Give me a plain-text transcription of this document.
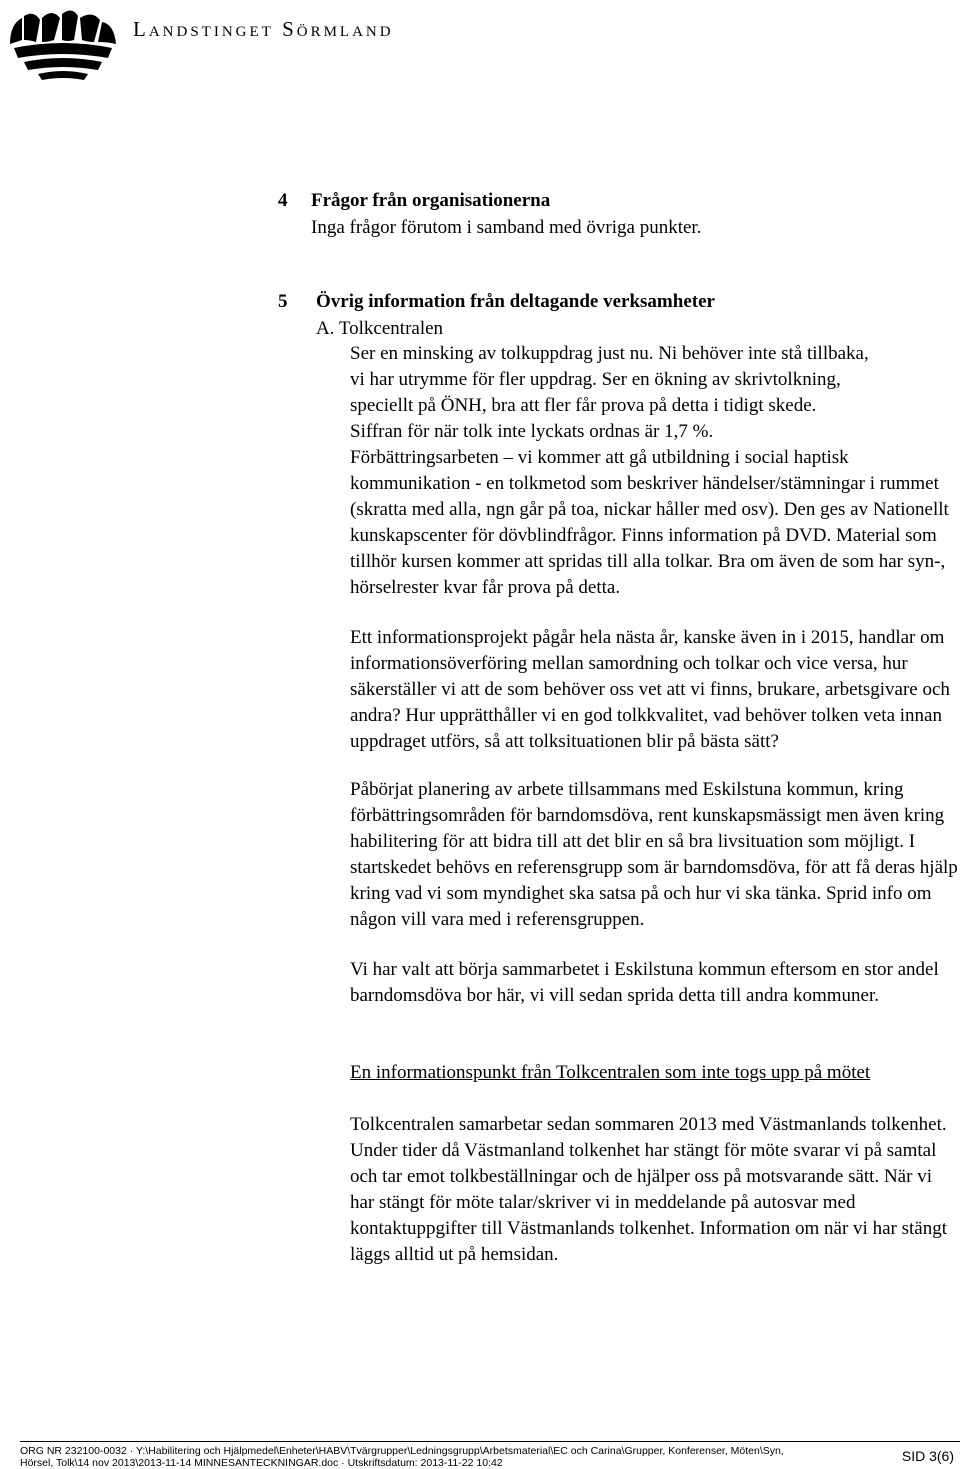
Landstinget Sörmland
4 Frågor från organisationerna
Inga frågor förutom i samband med övriga punkter.
5 Övrig information från deltagande verksamheter
A. Tolkcentralen
Ser en minsking av tolkuppdrag just nu. Ni behöver inte stå tillbaka,
vi har utrymme för fler uppdrag. Ser en ökning av skrivtolkning,
speciellt på ÖNH, bra att fler får prova på detta i tidigt skede.
Siffran för när tolk inte lyckats ordnas är 1,7 %.

Förbättringsarbeten – vi kommer att gå utbildning i social haptisk kommunikation - en tolkmetod som beskriver händelser/stämningar i rummet (skratta med alla, ngn går på toa, nickar håller med osv). Den ges av Nationellt kunskapscenter för dövblindfrågor. Finns information på DVD. Material som tillhör kursen kommer att spridas till alla tolkar. Bra om även de som har syn-, hörselrester kvar får prova på detta.

Ett informationsprojekt pågår hela nästa år, kanske även in i 2015, handlar om informationsöverföring mellan samordning och tolkar och vice versa, hur säkerställer vi att de som behöver oss vet att vi finns, brukare, arbetsgivare och andra? Hur upprätthåller vi en god tolkkvalitet, vad behöver tolken veta innan uppdraget utförs, så att tolksituationen blir på bästa sätt?

Påbörjat planering av arbete tillsammans med Eskilstuna kommun, kring förbättringsområden för barndomsdöva, rent kunskapsmässigt men även kring habilitering för att bidra till att det blir en så bra livsituation som möjligt. I startskedet behövs en referensgrupp som är barndomsdöva, för att få deras hjälp kring vad vi som myndighet ska satsa på och hur vi ska tänka. Sprid info om någon vill vara med i referensgruppen.

Vi har valt att börja sammarbetet i Eskilstuna kommun eftersom en stor andel barndomsdöva bor här, vi vill sedan sprida detta till andra kommuner.

En informationspunkt från Tolkcentralen som inte togs upp på mötet

Tolkcentralen samarbetar sedan sommaren 2013 med Västmanlands tolkenhet. Under tider då Västmanland tolkenhet har stängt för möte svarar vi på samtal och tar emot tolkbeställningar och de hjälper oss på motsvarande sätt. När vi har stängt för möte talar/skriver vi in meddelande på autosvar med kontaktuppgifter till Västmanlands tolkenhet. Information om när vi har stängt läggs alltid ut på hemsidan.

ORG NR 232100-0032 · Y:\Habilitering och Hjälpmedel\Enheter\HABV\Tvärgrupper\Ledningsgrupp\Arbetsmaterial\EC och Carina\Grupper, Konferenser, Möten\Syn,
Hörsel, Tolk\14 nov 2013\2013-11-14 MINNESANTECKNINGAR.doc · Utskriftsdatum: 2013-11-22 10:42	SID 3(6)
